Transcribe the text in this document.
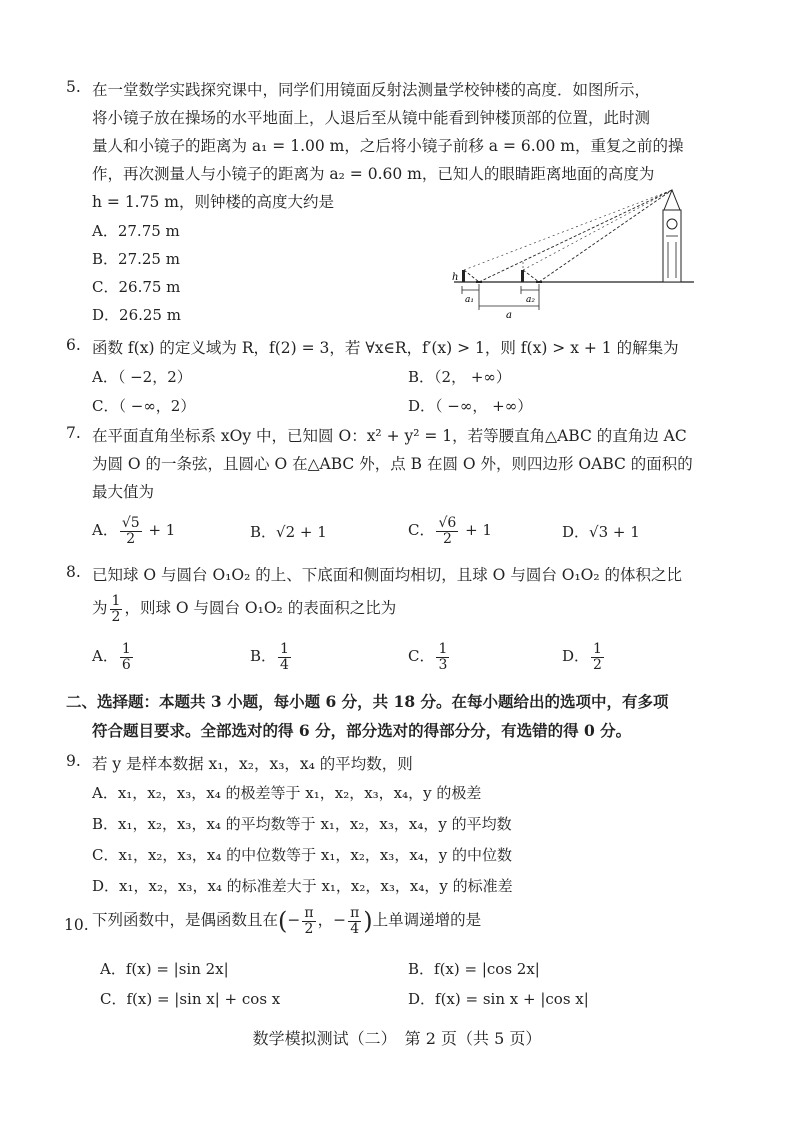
5. 在一堂数学实践探究课中，同学们用镜面反射法测量学校钟楼的高度．如图所示，
将小镜子放在操场的水平地面上，人退后至从镜中能看到钟楼顶部的位置，此时测
量人和小镜子的距离为 a₁ = 1.00 m，之后将小镜子前移 a = 6.00 m，重复之前的操
作，再次测量人与小镜子的距离为 a₂ = 0.60 m，已知人的眼睛距离地面的高度为
h = 1.75 m，则钟楼的高度大约是
A．27.75 m
B．27.25 m
C．26.75 m
D．26.25 m
h
a₁	a₂
a
6. 函数 f(x) 的定义域为 R，f(2) = 3，若 ∀x∈R，f′(x) > 1，则 f(x) > x + 1 的解集为
A．（ −2，2）	B．（2， +∞）
C．（ −∞，2）	D．（ −∞， +∞）
7. 在平面直角坐标系 xOy 中，已知圆 O：x² + y² = 1，若等腰直角△ABC 的直角边 AC
为圆 O 的一条弦，且圆心 O 在△ABC 外，点 B 在圆 O 外，则四边形 OABC 的面积的
最大值为
A． $\frac{√5}{2} + 1$	B．√2 + 1	C． $\frac{√6}{2} + 1$	D．√3 + 1
8. 已知球 O 与圆台 O₁O₂ 的上、下底面和侧面均相切，且球 O 与圆台 O₁O₂ 的体积之比
为 $\frac{1}{2}$ ，则球 O 与圆台 O₁O₂ 的表面积之比为
A． $\frac{1}{6}$	B． $\frac{1}{4}$	C． $\frac{1}{3}$	D． $\frac{1}{2}$
二、选择题：本题共 3 小题，每小题 6 分，共 18 分。在每小题给出的选项中，有多项
符合题目要求。全部选对的得 6 分，部分选对的得部分分，有选错的得 0 分。
9. 若 y 是样本数据 x₁，x₂，x₃，x₄ 的平均数，则
A．x₁，x₂，x₃，x₄ 的极差等于 x₁，x₂，x₃，x₄，y 的极差
B．x₁，x₂，x₃，x₄ 的平均数等于 x₁，x₂，x₃，x₄，y 的平均数
C．x₁，x₂，x₃，x₄ 的中位数等于 x₁，x₂，x₃，x₄，y 的中位数
D．x₁，x₂，x₃，x₄ 的标准差大于 x₁，x₂，x₃，x₄，y 的标准差
10. 下列函数中，是偶函数且在(− $\frac{\pi}{2}$ ，− $\frac{\pi}{4}$ )上单调递增的是
A．f(x) = |sin 2x|	B．f(x) = |cos 2x|
C．f(x) = |sin x| + cos x	D．f(x) = sin x + |cos x|
数学模拟测试（二）　第 2 页（共 5 页）
